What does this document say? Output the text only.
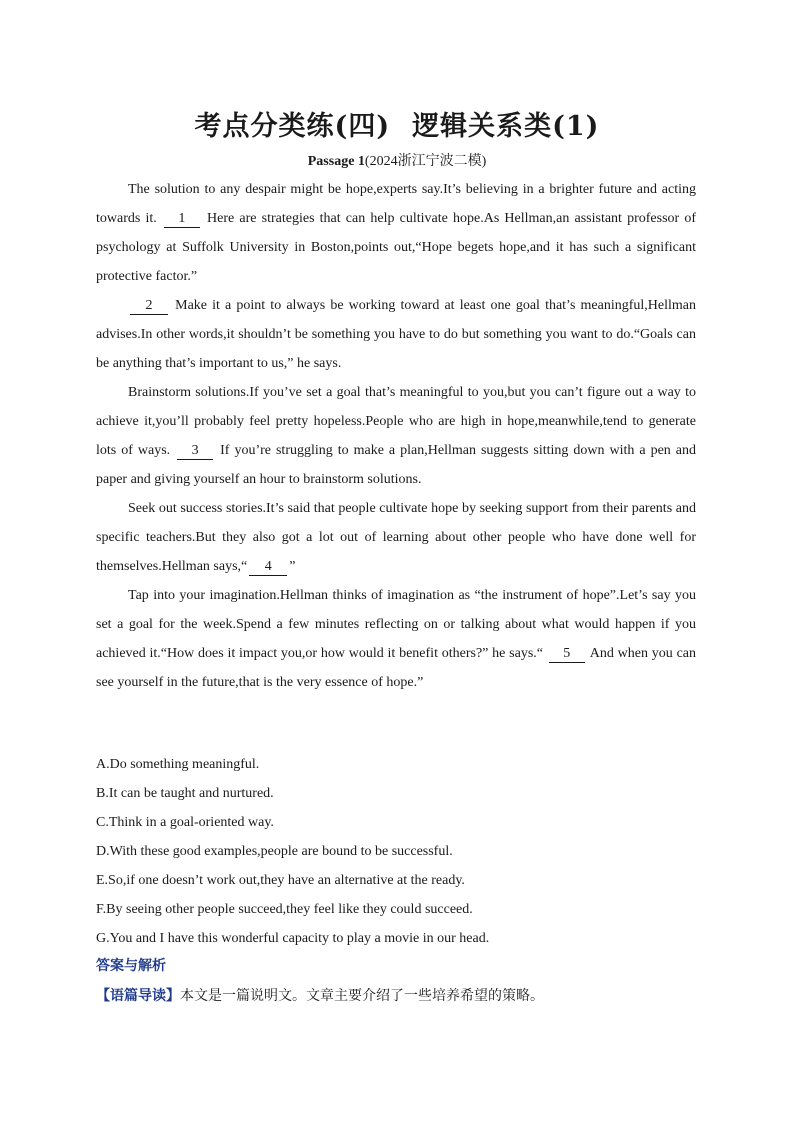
考点分类练(四) 逻辑关系类(1)
Passage 1(2024浙江宁波二模)

The solution to any despair might be hope,experts say.It’s believing in a brighter future and acting towards it. 1 Here are strategies that can help cultivate hope.As Hellman,an assistant professor of psychology at Suffolk University in Boston,points out,“Hope begets hope,and it has such a significant protective factor.”

2 Make it a point to always be working toward at least one goal that’s meaningful,Hellman advises.In other words,it shouldn’t be something you have to do but something you want to do.“Goals can be anything that’s important to us,” he says.

Brainstorm solutions.If you’ve set a goal that’s meaningful to you,but you can’t figure out a way to achieve it,you’ll probably feel pretty hopeless.People who are high in hope,meanwhile,tend to generate lots of ways. 3 If you’re struggling to make a plan,Hellman suggests sitting down with a pen and paper and giving yourself an hour to brainstorm solutions.

Seek out success stories.It’s said that people cultivate hope by seeking support from their parents and specific teachers.But they also got a lot out of learning about other people who have done well for themselves.Hellman says,“ 4 ”

Tap into your imagination.Hellman thinks of imagination as “the instrument of hope”.Let’s say you set a goal for the week.Spend a few minutes reflecting on or talking about what would happen if you achieved it.“How does it impact you,or how would it benefit others?” he says.“ 5 And when you can see yourself in the future,that is the very essence of hope.”

A.Do something meaningful.
B.It can be taught and nurtured.
C.Think in a goal-oriented way.
D.With these good examples,people are bound to be successful.
E.So,if one doesn’t work out,they have an alternative at the ready.
F.By seeing other people succeed,they feel like they could succeed.
G.You and I have this wonderful capacity to play a movie in our head.
答案与解析
【语篇导读】本文是一篇说明文。文章主要介绍了一些培养希望的策略。
